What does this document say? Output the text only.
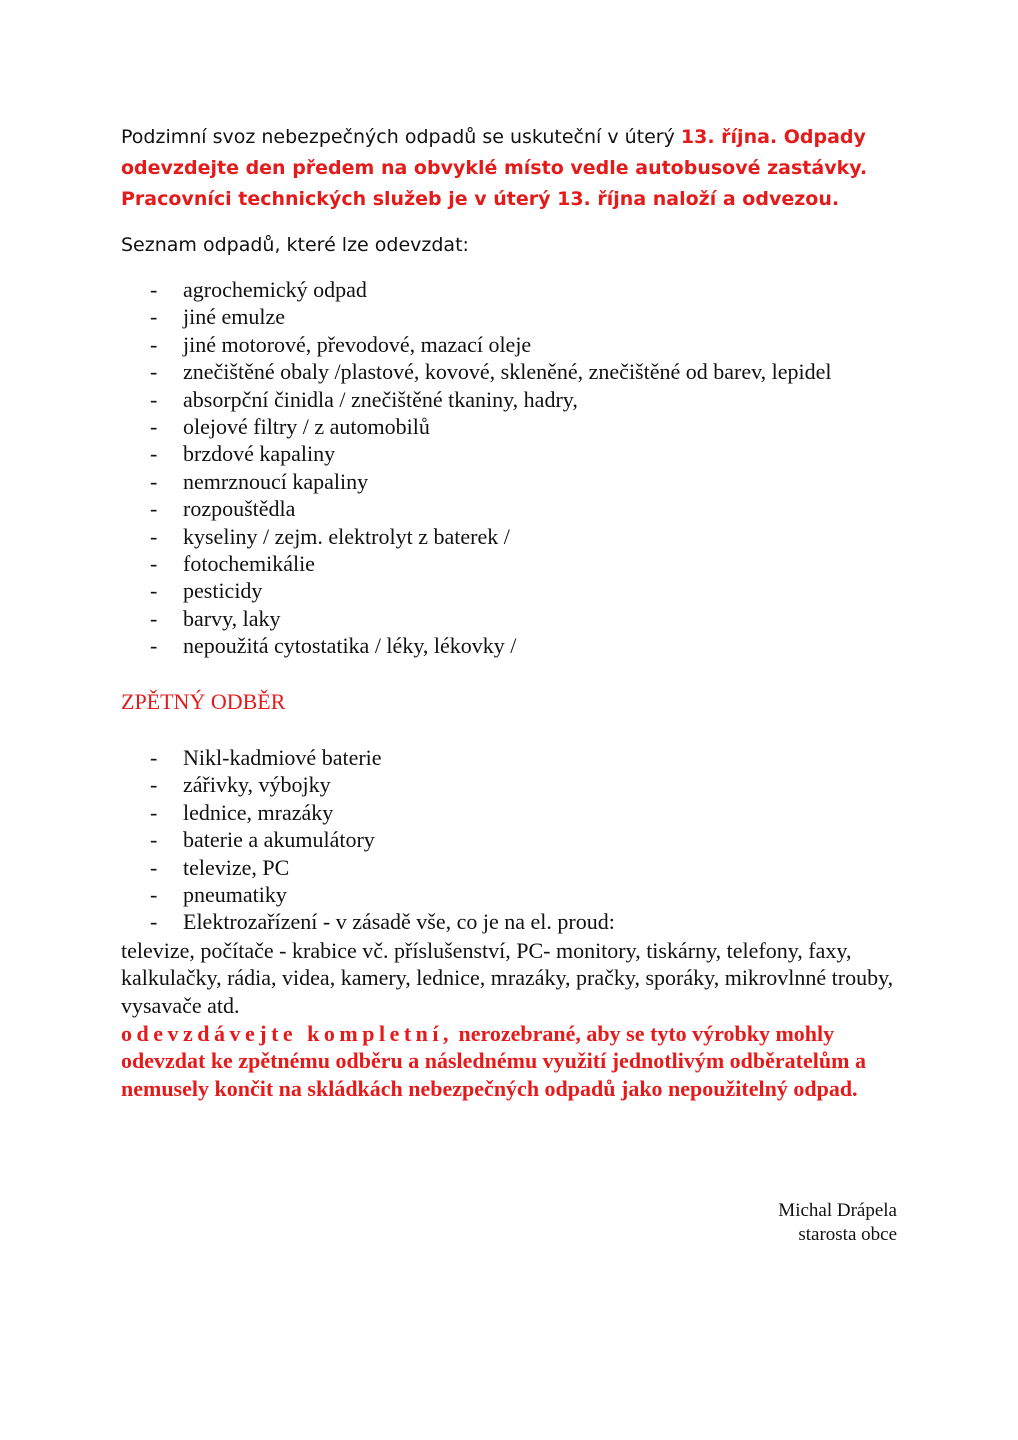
Podzimní svoz nebezpečných odpadů se uskuteční v úterý 13. října. Odpady odevzdejte den předem na obvyklé místo vedle autobusové zastávky. Pracovníci technických služeb je v úterý 13. října naloží a odvezou.

Seznam odpadů, které lze odevzdat:

- agrochemický odpad
- jiné emulze
- jiné motorové, převodové, mazací oleje
- znečištěné obaly /plastové, kovové, skleněné, znečištěné od barev, lepidel
- absorpční činidla / znečištěné tkaniny, hadry,
- olejové filtry / z automobilů
- brzdové kapaliny
- nemrznoucí kapaliny
- rozpouštědla
- kyseliny / zejm. elektrolyt z baterek /
- fotochemikálie
- pesticidy
- barvy, laky
- nepoužitá cytostatika / léky, lékovky /
ZPĚTNÝ ODBĚR
- Nikl-kadmiové baterie
- zářivky, výbojky
- lednice, mrazáky
- baterie a akumulátory
- televize, PC
- pneumatiky
- Elektrozařízení - v zásadě vše, co je na el. proud:

televize, počítače - krabice vč. příslušenství, PC- monitory, tiskárny, telefony, faxy, kalkulačky, rádia, videa, kamery, lednice, mrazáky, pračky, sporáky, mikrovlnné trouby, vysavače atd.

odevzdávejte kompletní, nerozebrané, aby se tyto výrobky mohly odevzdat ke zpětnému odběru a následnému využití jednotlivým odběratelům a nemusely končit na skládkách nebezpečných odpadů jako nepoužitelný odpad.

Michal Drápela
starosta obce
